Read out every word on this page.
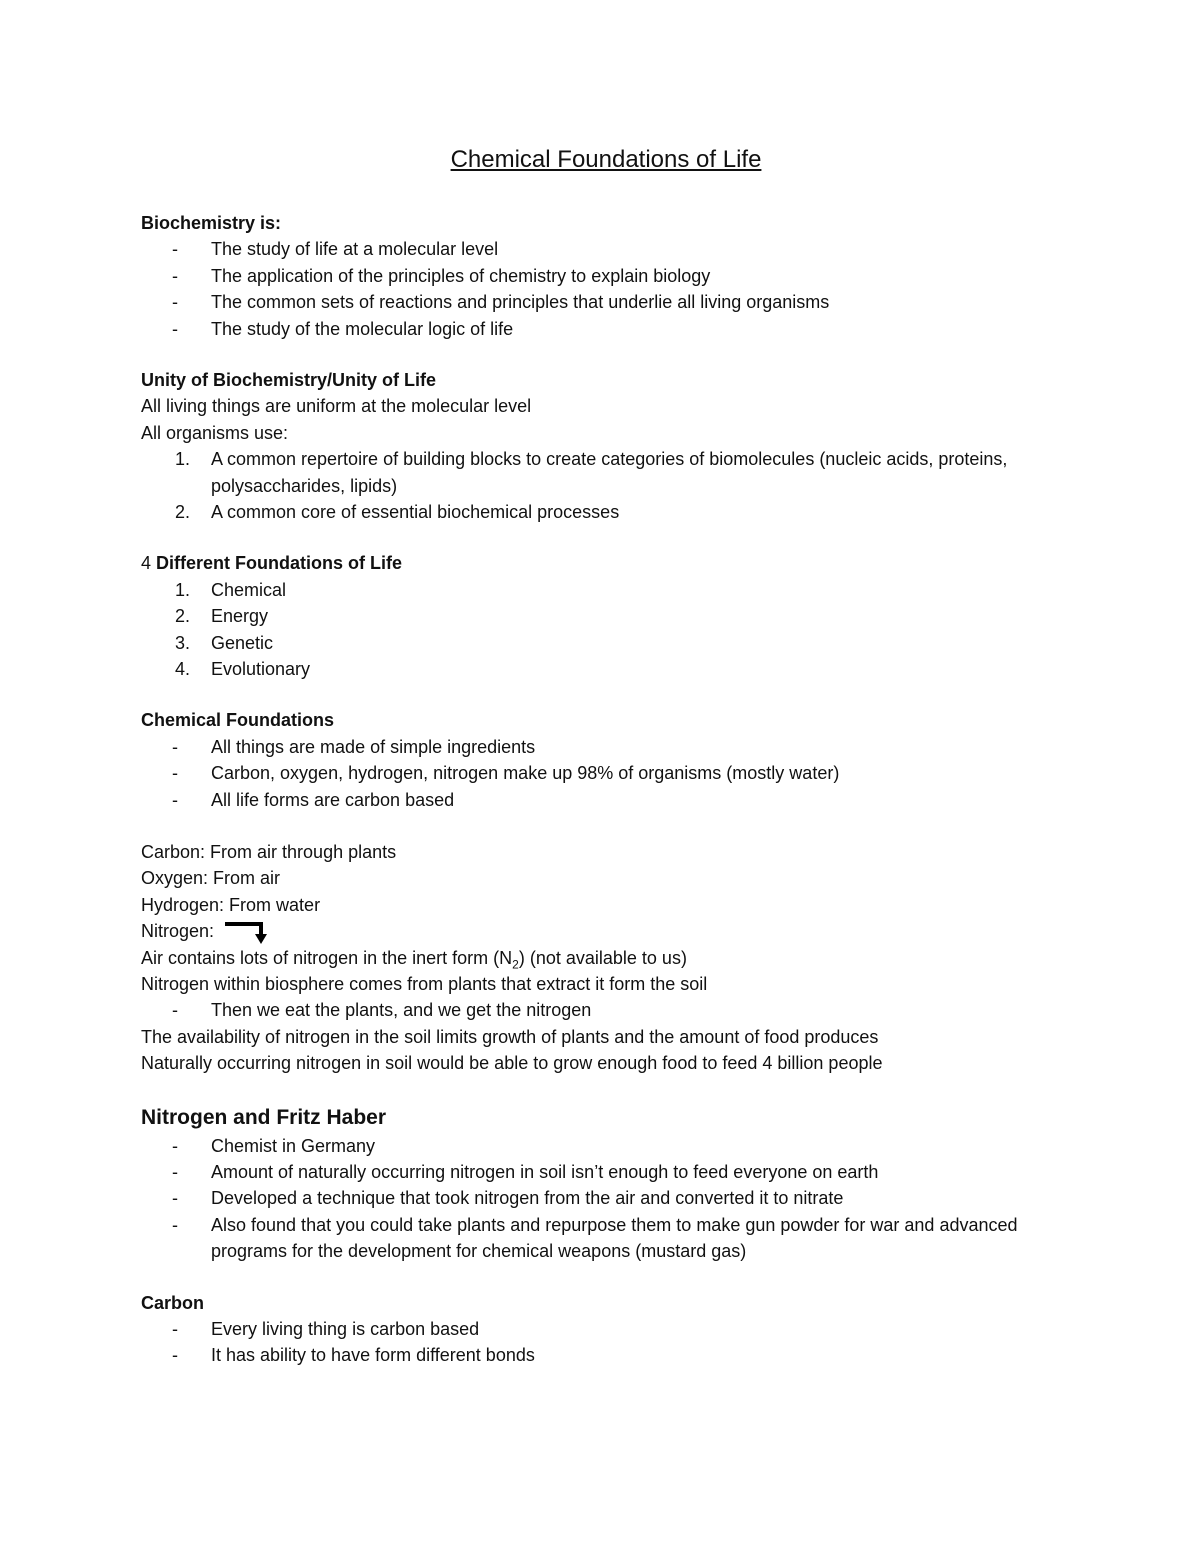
Chemical Foundations of Life
Biochemistry is:
-	The study of life at a molecular level
-	The application of the principles of chemistry to explain biology
-	The common sets of reactions and principles that underlie all living organisms
-	The study of the molecular logic of life
Unity of Biochemistry/Unity of Life
All living things are uniform at the molecular level
All organisms use:
1.	A common repertoire of building blocks to create categories of biomolecules (nucleic acids, proteins, polysaccharides, lipids)
2.	A common core of essential biochemical processes
4 Different Foundations of Life
1.	Chemical
2.	Energy
3.	Genetic
4.	Evolutionary
Chemical Foundations
-	All things are made of simple ingredients
-	Carbon, oxygen, hydrogen, nitrogen make up 98% of organisms (mostly water)
-	All life forms are carbon based
Carbon: From air through plants
Oxygen: From air
Hydrogen: From water
Nitrogen:
Air contains lots of nitrogen in the inert form $(N_2)$ (not available to us)
Nitrogen within biosphere comes from plants that extract it form the soil
-	Then we eat the plants, and we get the nitrogen
The availability of nitrogen in the soil limits growth of plants and the amount of food produces
Naturally occurring nitrogen in soil would be able to grow enough food to feed 4 billion people
Nitrogen and Fritz Haber
-	Chemist in Germany
-	Amount of naturally occurring nitrogen in soil isn’t enough to feed everyone on earth
-	Developed a technique that took nitrogen from the air and converted it to nitrate
-	Also found that you could take plants and repurpose them to make gun powder for war and advanced programs for the development for chemical weapons (mustard gas)
Carbon
-	Every living thing is carbon based
-	It has ability to have form different bonds
